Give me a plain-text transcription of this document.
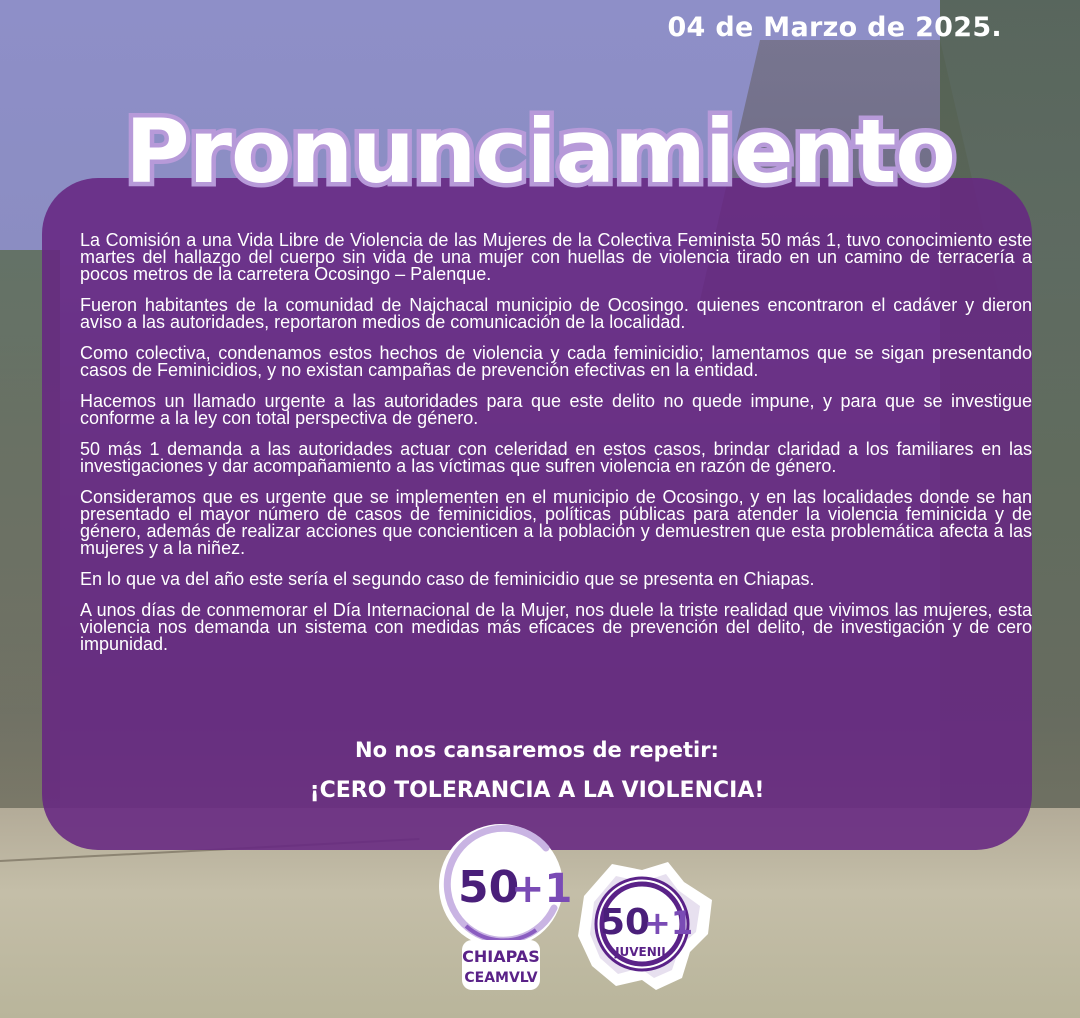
04 de Marzo de 2025.
Pronunciamiento

La Comisión a una Vida Libre de Violencia de las Mujeres de la Colectiva Feminista 50 más 1, tuvo conocimiento este martes del hallazgo del cuerpo sin vida de una mujer con huellas de violencia tirado en un camino de terracería a pocos metros de la carretera Ocosingo – Palenque.

Fueron habitantes de la comunidad de Najchacal municipio de Ocosingo. quienes encontraron el cadáver y dieron aviso a las autoridades, reportaron medios de comunicación de la localidad.

Como colectiva, condenamos estos hechos de violencia y cada feminicidio; lamentamos que se sigan presentando casos de Feminicidios, y no existan campañas de prevención efectivas en la entidad.

Hacemos un llamado urgente a las autoridades para que este delito no quede impune, y para que se investigue conforme a la ley con total perspectiva de género.

50 más 1 demanda a las autoridades actuar con celeridad en estos casos, brindar claridad a los familiares en las investigaciones y dar acompañamiento a las víctimas que sufren violencia en razón de género.

Consideramos que es urgente que se implementen en el municipio de Ocosingo, y en las localidades donde se han presentado el mayor número de casos de feminicidios, políticas públicas para atender la violencia feminicida y de género, además de realizar acciones que concienticen a la población y demuestren que esta problemática afecta a las mujeres y a la niñez.

En lo que va del año este sería el segundo caso de feminicidio que se presenta en Chiapas.

A unos días de conmemorar el Día Internacional de la Mujer, nos duele la triste realidad que vivimos las mujeres, esta violencia nos demanda un sistema con medidas más eficaces de prevención del delito, de investigación y de cero impunidad.

No nos cansaremos de repetir:
¡CERO TOLERANCIA A LA VIOLENCIA!
50
+1
CHIAPAS
CEAMVLV
50
+1
JUVENIL
